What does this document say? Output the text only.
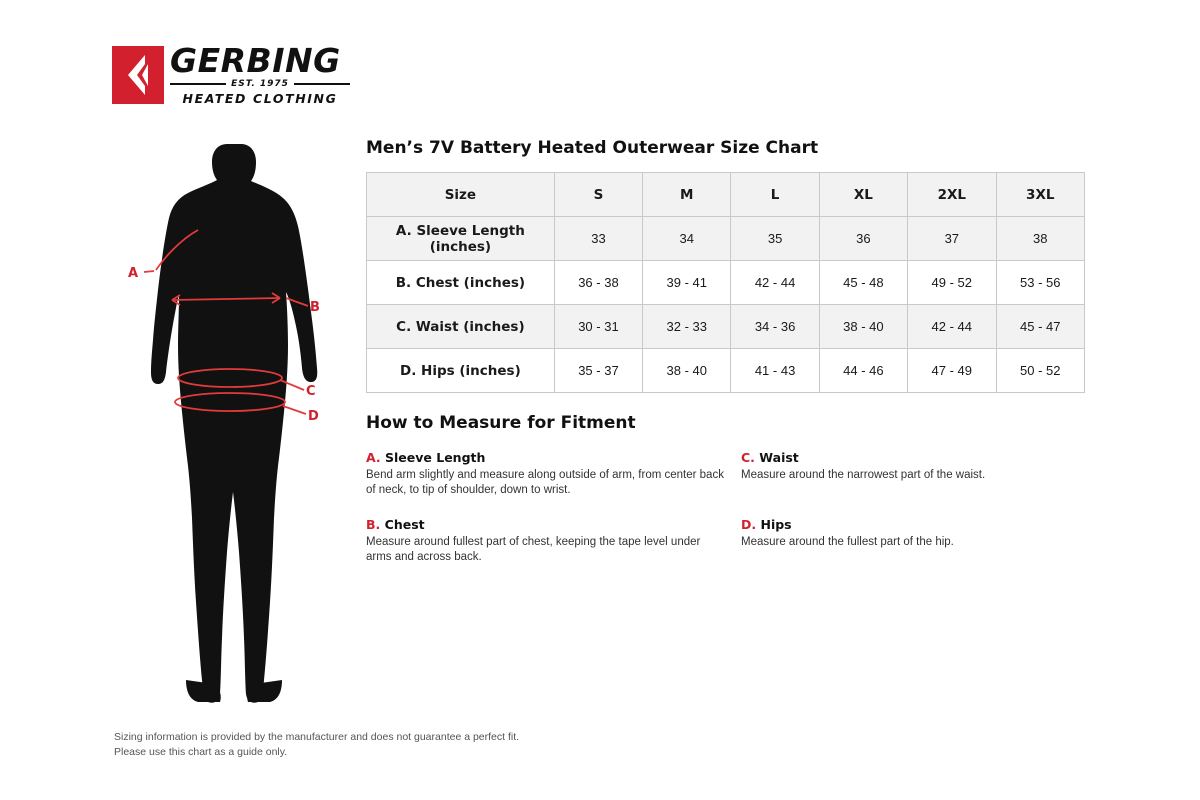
GERBING
EST. 1975
HEATED CLOTHING
A
B
C
D
Men’s 7V Battery Heated Outerwear Size Chart
Size	S	M	L	XL	2XL	3XL
A. Sleeve Length (inches)	33	34	35	36	37	38
B. Chest (inches)	36 - 38	39 - 41	42 - 44	45 - 48	49 - 52	53 - 56
C. Waist (inches)	30 - 31	32 - 33	34 - 36	38 - 40	42 - 44	45 - 47
D. Hips (inches)	35 - 37	38 - 40	41 - 43	44 - 46	47 - 49	50 - 52
How to Measure for Fitment
A. Sleeve Length
Bend arm slightly and measure along outside of arm, from center back of neck, to tip of shoulder, down to wrist.
B. Chest
Measure around fullest part of chest, keeping the tape level under arms and across back.
C. Waist
Measure around the narrowest part of the waist.
D. Hips
Measure around the fullest part of the hip.
Sizing information is provided by the manufacturer and does not guarantee a perfect fit.
Please use this chart as a guide only.
